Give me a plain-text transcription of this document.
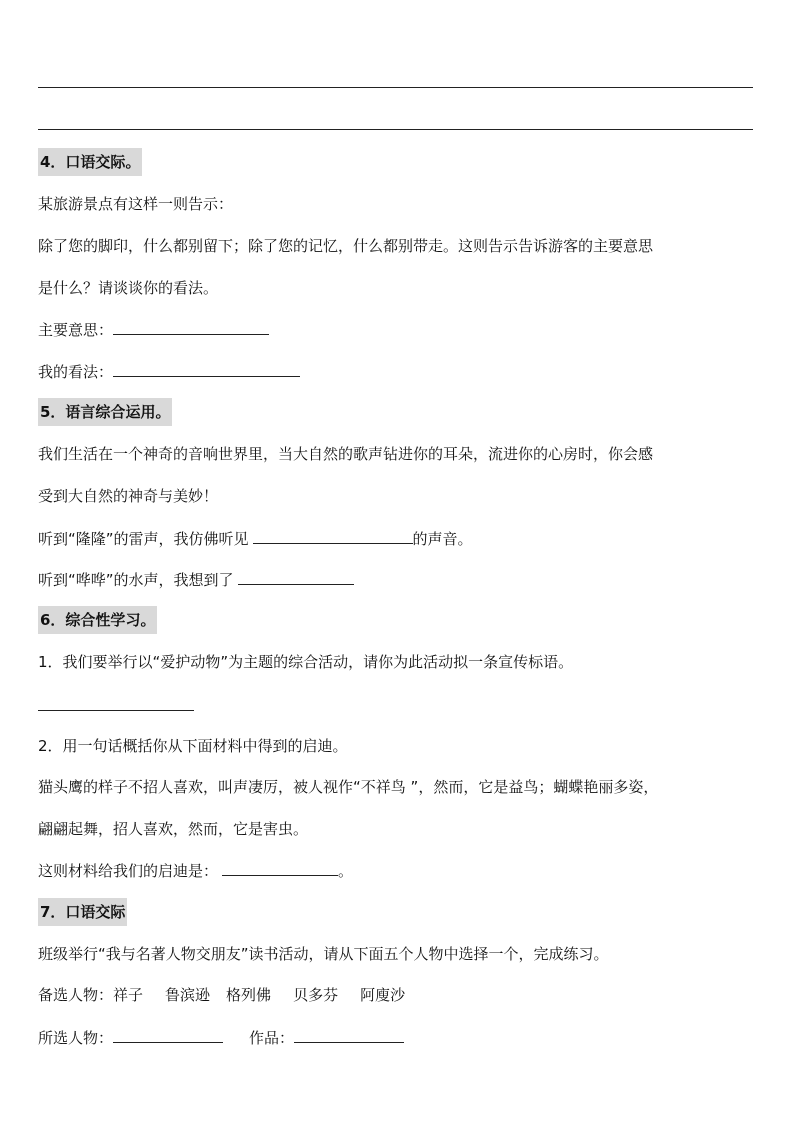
4．口语交际。
某旅游景点有这样一则告示：
除了您的脚印，什么都别留下；除了您的记忆，什么都别带走。这则告示告诉游客的主要意思
是什么？请谈谈你的看法。
主要意思：
我的看法：
5．语言综合运用。
我们生活在一个神奇的音响世界里，当大自然的歌声钻进你的耳朵，流进你的心房时，你会感
受到大自然的神奇与美妙！
听到“隆隆”的雷声，我仿佛听见	的声音。
听到“哗哗”的水声，我想到了
6．综合性学习。
1．我们要举行以“爱护动物”为主题的综合活动，请你为此活动拟一条宣传标语。
2．用一句话概括你从下面材料中得到的启迪。
猫头鹰的样子不招人喜欢，叫声凄厉，被人视作“不祥鸟 ”，然而，它是益鸟；蝴蝶艳丽多姿，
翩翩起舞，招人喜欢，然而，它是害虫。
这则材料给我们的启迪是：	。
7．口语交际
班级举行“我与名著人物交朋友”读书活动，请从下面五个人物中选择一个，完成练习。
备选人物：祥子 鲁滨逊 格列佛 贝多芬 阿廋沙
所选人物：	作品：
